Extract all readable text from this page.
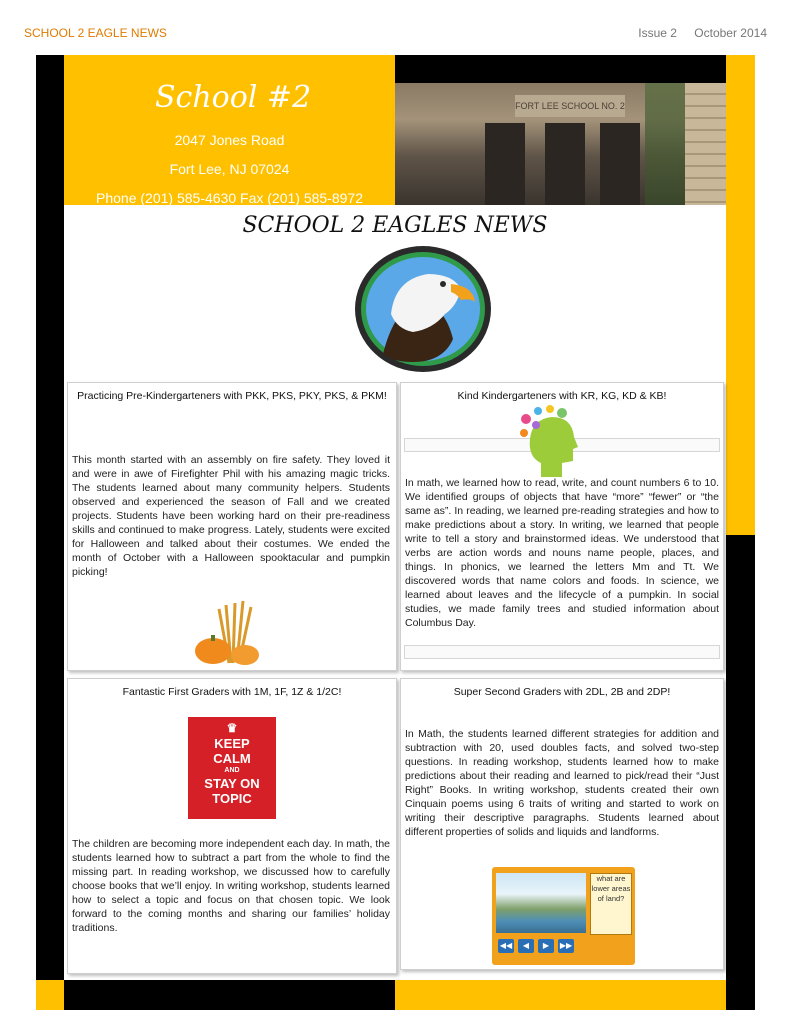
SCHOOL 2 EAGLE NEWS	Issue 2 October 2014
School #2
2047 Jones Road
Fort Lee, NJ 07024
Phone (201) 585-4630 Fax (201) 585-8972
FORT LEE SCHOOL NO. 2
SCHOOL 2 EAGLES NEWS
Practicing Pre-Kindergarteners with PKK, PKS, PKY, PKS, & PKM!
This month started with an assembly on fire safety. They loved it and were in awe of Firefighter Phil with his amazing magic tricks. The students learned about many community helpers. Students observed and experienced the season of Fall and we created projects. Students have been working hard on their pre-readiness skills and continued to make progress. Lately, students were excited for Halloween and talked about their costumes. We ended the month of October with a Halloween spooktacular and pumpkin picking!
Kind Kindergarteners with KR, KG, KD & KB!
In math, we learned how to read, write, and count numbers 6 to 10. We identified groups of objects that have “more” “fewer” or “the same as”. In reading, we learned pre-reading strategies and how to make predictions about a story. In writing, we learned that people write to tell a story and brainstormed ideas. We understood that verbs are action words and nouns name people, places, and things. In phonics, we learned the letters Mm and Tt. We discovered words that name colors and foods. In science, we learned about leaves and the lifecycle of a pumpkin. In social studies, we made family trees and studied information about Columbus Day.
Fantastic First Graders with 1M, 1F, 1Z & 1/2C!
♛
KEEP
CALM
AND
STAY ON
TOPIC
The children are becoming more independent each day. In math, the students learned how to subtract a part from the whole to find the missing part. In reading workshop, we discussed how to carefully choose books that we’ll enjoy. In writing workshop, students learned how to select a topic and focus on that chosen topic. We look forward to the coming months and sharing our families’ holiday traditions.
Super Second Graders with 2DL, 2B and 2DP!
In Math, the students learned different strategies for addition and subtraction with 20, used doubles facts, and solved two-step questions. In reading workshop, students learned how to make predictions about their reading and learned to pick/read their “Just Right” Books. In writing workshop, students created their own Cinquain poems using 6 traits of writing and started to work on writing their descriptive paragraphs. Students learned about different properties of solids and liquids and landforms.
what are lower areas of land?
◀◀	◀	▶	▶▶
